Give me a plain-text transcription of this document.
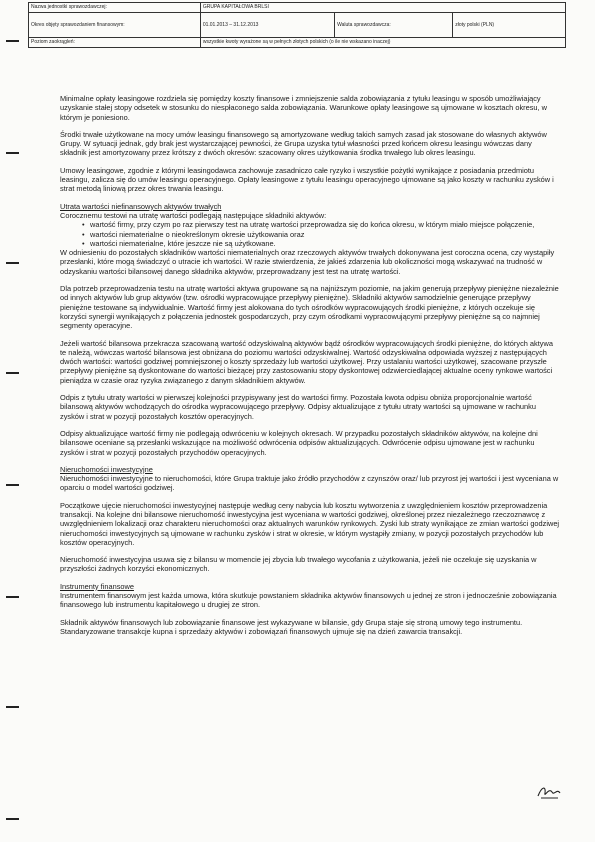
Nazwa jednostki sprawozdawczej:	GRUPA KAPITAŁOWA BRLSI		
Okres objęty sprawozdaniem finansowym:	01.01.2013 – 31.12.2013	Waluta sprawozdawcza:	złoty polski (PLN)
Poziom zaokrągleń:	wszystkie kwoty wyrażone są w pełnych złotych polskich (o ile nie wskazano inaczej)		

Minimalne opłaty leasingowe rozdziela się pomiędzy koszty finansowe i zmniejszenie salda zobowiązania z tytułu leasingu w sposób umożliwiający uzyskanie stałej stopy odsetek w stosunku do niespłaconego salda zobowiązania. Warunkowe opłaty leasingowe są ujmowane w kosztach okresu, w którym je poniesiono.

Środki trwałe użytkowane na mocy umów leasingu finansowego są amortyzowane według takich samych zasad jak stosowane do własnych aktywów Grupy. W sytuacji jednak, gdy brak jest wystarczającej pewności, że Grupa uzyska tytuł własności przed końcem okresu leasingu wówczas dany składnik jest amortyzowany przez krótszy z dwóch okresów: szacowany okres użytkowania środka trwałego lub okres leasingu.

Umowy leasingowe, zgodnie z którymi leasingodawca zachowuje zasadniczo całe ryzyko i wszystkie pożytki wynikające z posiadania przedmiotu leasingu, zalicza się do umów leasingu operacyjnego. Opłaty leasingowe z tytułu leasingu operacyjnego ujmowane są jako koszty w rachunku zysków i strat metodą liniową przez okres trwania leasingu.

Utrata wartości niefinansowych aktywów trwałych

Corocznemu testowi na utratę wartości podlegają następujące składniki aktywów:

• wartość firmy, przy czym po raz pierwszy test na utratę wartości przeprowadza się do końca okresu, w którym miało miejsce połączenie,
• wartości niematerialne o nieokreślonym okresie użytkowania oraz
• wartości niematerialne, które jeszcze nie są użytkowane.

W odniesieniu do pozostałych składników wartości niematerialnych oraz rzeczowych aktywów trwałych dokonywana jest coroczna ocena, czy wystąpiły przesłanki, które mogą świadczyć o utracie ich wartości. W razie stwierdzenia, że jakieś zdarzenia lub okoliczności mogą wskazywać na trudność w odzyskaniu wartości bilansowej danego składnika aktywów, przeprowadzany jest test na utratę wartości.

Dla potrzeb przeprowadzenia testu na utratę wartości aktywa grupowane są na najniższym poziomie, na jakim generują przepływy pieniężne niezależnie od innych aktywów lub grup aktywów (tzw. ośrodki wypracowujące przepływy pieniężne). Składniki aktywów samodzielnie generujące przepływy pieniężne testowane są indywidualnie. Wartość firmy jest alokowana do tych ośrodków wypracowujących środki pieniężne, z których oczekuje się korzyści synergii wynikających z połączenia jednostek gospodarczych, przy czym ośrodkami wypracowującymi przepływy pieniężne są co najmniej segmenty operacyjne.

Jeżeli wartość bilansowa przekracza szacowaną wartość odzyskiwalną aktywów bądź ośrodków wypracowujących środki pieniężne, do których aktywa te należą, wówczas wartość bilansowa jest obniżana do poziomu wartości odzyskiwalnej. Wartość odzyskiwalna odpowiada wyższej z następujących dwóch wartości: wartości godziwej pomniejszonej o koszty sprzedaży lub wartości użytkowej. Przy ustalaniu wartości użytkowej, szacowane przyszłe przepływy pieniężne są dyskontowane do wartości bieżącej przy zastosowaniu stopy dyskontowej odzwierciedlającej aktualne oceny rynkowe wartości pieniądza w czasie oraz ryzyka związanego z danym składnikiem aktywów.

Odpis z tytułu utraty wartości w pierwszej kolejności przypisywany jest do wartości firmy. Pozostała kwota odpisu obniża proporcjonalnie wartość bilansową aktywów wchodzących do ośrodka wypracowującego przepływy. Odpisy aktualizujące z tytułu utraty wartości są ujmowane w rachunku zysków i strat w pozycji pozostałych kosztów operacyjnych.

Odpisy aktualizujące wartość firmy nie podlegają odwróceniu w kolejnych okresach. W przypadku pozostałych składników aktywów, na kolejne dni bilansowe oceniane są przesłanki wskazujące na możliwość odwrócenia odpisów aktualizujących. Odwrócenie odpisu ujmowane jest w rachunku zysków i strat w pozycji pozostałych przychodów operacyjnych.

Nieruchomości inwestycyjne

Nieruchomości inwestycyjne to nieruchomości, które Grupa traktuje jako źródło przychodów z czynszów oraz/ lub przyrost jej wartości i jest wyceniana w oparciu o model wartości godziwej.

Początkowe ujęcie nieruchomości inwestycyjnej następuje według ceny nabycia lub kosztu wytworzenia z uwzględnieniem kosztów przeprowadzenia transakcji. Na kolejne dni bilansowe nieruchomość inwestycyjna jest wyceniana w wartości godziwej, określonej przez niezależnego rzeczoznawcę z uwzględnieniem lokalizacji oraz charakteru nieruchomości oraz aktualnych warunków rynkowych. Zyski lub straty wynikające ze zmian wartości godziwej nieruchomości inwestycyjnych są ujmowane w rachunku zysków i strat w okresie, w którym wystąpiły zmiany, w pozycji pozostałych przychodów lub kosztów operacyjnych.

Nieruchomość inwestycyjna usuwa się z bilansu w momencie jej zbycia lub trwałego wycofania z użytkowania, jeżeli nie oczekuje się uzyskania w przyszłości żadnych korzyści ekonomicznych.

Instrumenty finansowe

Instrumentem finansowym jest każda umowa, która skutkuje powstaniem składnika aktywów finansowych u jednej ze stron i jednocześnie zobowiązania finansowego lub instrumentu kapitałowego u drugiej ze stron.

Składnik aktywów finansowych lub zobowiązanie finansowe jest wykazywane w bilansie, gdy Grupa staje się stroną umowy tego instrumentu. Standaryzowane transakcje kupna i sprzedaży aktywów i zobowiązań finansowych ujmuje się na dzień zawarcia transakcji.
